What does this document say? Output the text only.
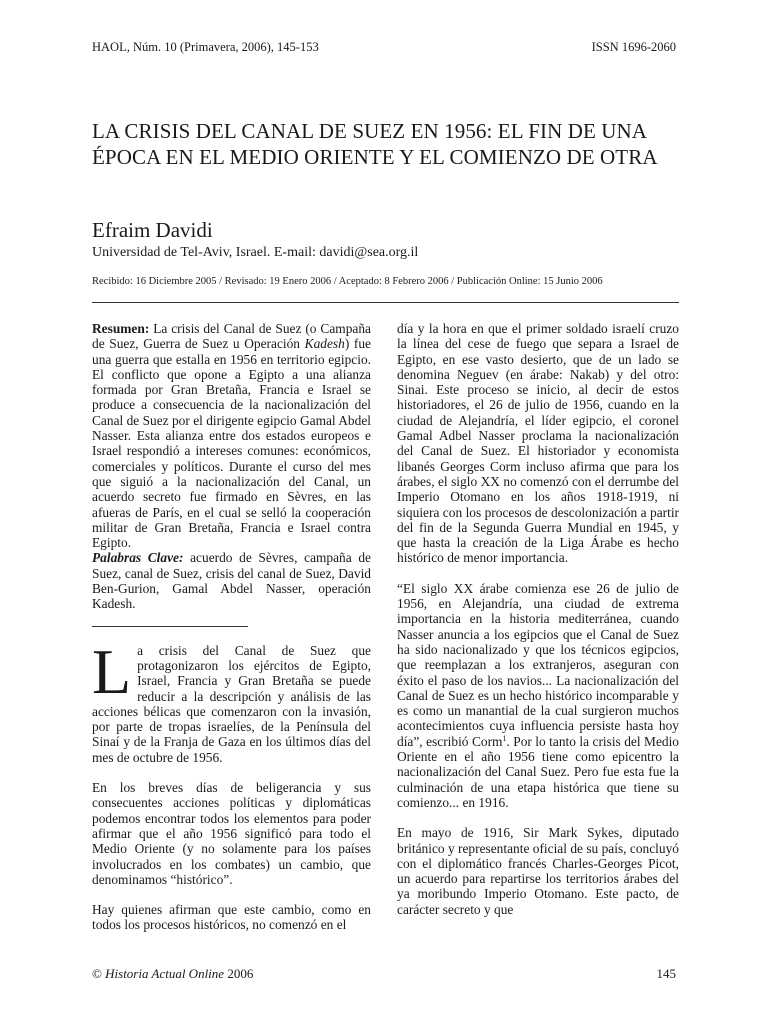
HAOL, Núm. 10 (Primavera, 2006), 145-153	ISSN 1696-2060
LA CRISIS DEL CANAL DE SUEZ EN 1956: EL FIN DE UNA ÉPOCA EN EL MEDIO ORIENTE Y EL COMIENZO DE OTRA
Efraim Davidi
Universidad de Tel-Aviv, Israel. E-mail: davidi@sea.org.il
Recibido: 16 Diciembre 2005 / Revisado: 19 Enero 2006 / Aceptado: 8 Febrero 2006 / Publicación Online: 15 Junio 2006

Resumen: La crisis del Canal de Suez (o Campaña de Suez, Guerra de Suez u Operación Kadesh) fue una guerra que estalla en 1956 en territorio egipcio. El conflicto que opone a Egipto a una alianza formada por Gran Bretaña, Francia e Israel se produce a consecuencia de la nacionalización del Canal de Suez por el dirigente egipcio Gamal Abdel Nasser. Esta alianza entre dos estados europeos e Israel respondió a intereses comunes: económicos, comerciales y políticos. Durante el curso del mes que siguió a la nacionalización del Canal, un acuerdo secreto fue firmado en Sèvres, en las afueras de París, en el cual se selló la cooperación militar de Gran Bretaña, Francia e Israel contra Egipto.

Palabras Clave: acuerdo de Sèvres, campaña de Suez, canal de Suez, crisis del canal de Suez, David Ben-Gurion, Gamal Abdel Nasser, operación Kadesh.

La crisis del Canal de Suez que protagonizaron los ejércitos de Egipto, Israel, Francia y Gran Bretaña se puede reducir a la descripción y análisis de las acciones bélicas que comenzaron con la invasión, por parte de tropas israelíes, de la Península del Sinaí y de la Franja de Gaza en los últimos días del mes de octubre de 1956.

En los breves días de beligerancia y sus consecuentes acciones políticas y diplomáticas podemos encontrar todos los elementos para poder afirmar que el año 1956 significó para todo el Medio Oriente (y no solamente para los países involucrados en los combates) un cambio, que denominamos “histórico”.

Hay quienes afirman que este cambio, como en todos los procesos históricos, no comenzó en el

día y la hora en que el primer soldado israelí cruzo la línea del cese de fuego que separa a Israel de Egipto, en ese vasto desierto, que de un lado se denomina Neguev (en árabe: Nakab) y del otro: Sinai. Este proceso se inicio, al decir de estos historiadores, el 26 de julio de 1956, cuando en la ciudad de Alejandría, el líder egipcio, el coronel Gamal Adbel Nasser proclama la nacionalización del Canal de Suez. El historiador y economista libanés Georges Corm incluso afirma que para los árabes, el siglo XX no comenzó con el derrumbe del Imperio Otomano en los años 1918-1919, ni siquiera con los procesos de descolonización a partir del fin de la Segunda Guerra Mundial en 1945, y que hasta la creación de la Liga Árabe es hecho histórico de menor importancia.

“El siglo XX árabe comienza ese 26 de julio de 1956, en Alejandría, una ciudad de extrema importancia en la historia mediterránea, cuando Nasser anuncia a los egipcios que el Canal de Suez ha sido nacionalizado y que los técnicos egipcios, que reemplazan a los extranjeros, aseguran con éxito el paso de los navios... La nacionalización del Canal de Suez es un hecho histórico incomparable y es como un manantial de la cual surgieron muchos acontecimientos cuya influencia persiste hasta hoy día”, escribió Corm$^1$. Por lo tanto la crisis del Medio Oriente en el año 1956 tiene como epicentro la nacionalización del Canal Suez. Pero fue esta fue la culminación de una etapa histórica que tiene su comienzo... en 1916.

En mayo de 1916, Sir Mark Sykes, diputado británico y representante oficial de su país, concluyó con el diplomático francés Charles-Georges Picot, un acuerdo para repartirse los territorios árabes del ya moribundo Imperio Otomano. Este pacto, de carácter secreto y que

© Historia Actual Online 2006	145
